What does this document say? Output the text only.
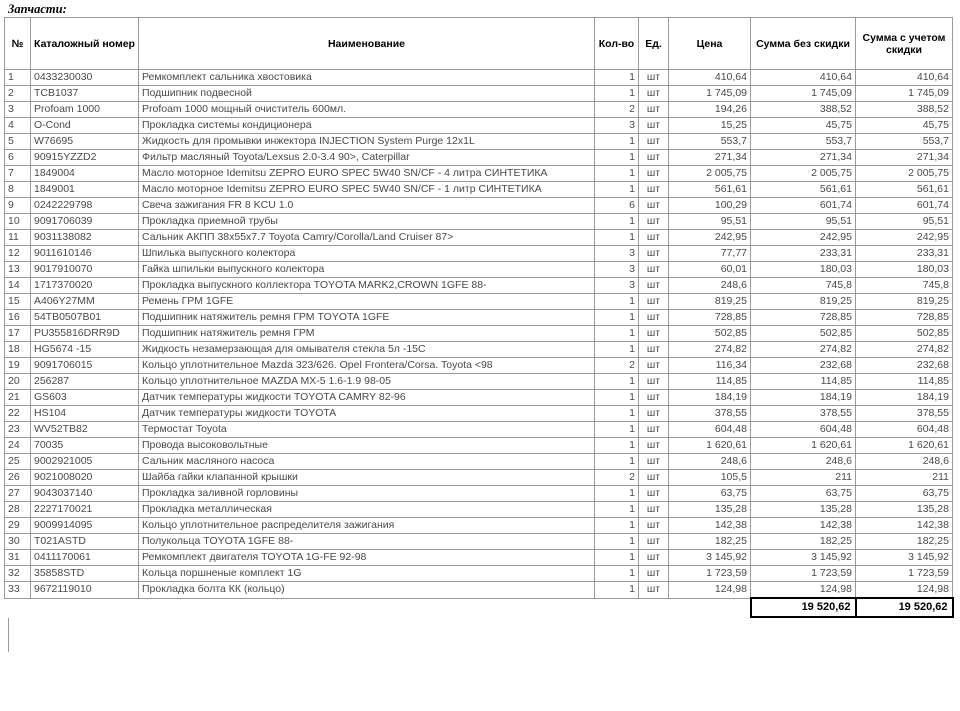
Запчасти:
№	Каталожный номер	Наименование	Кол-во	Ед.	Цена	Сумма без скидки	Сумма с учетом скидки
1	0433230030	Ремкомплект сальника хвостовика	1	шт	410,64	410,64	410,64
2	TCB1037	Подшипник подвесной	1	шт	1 745,09	1 745,09	1 745,09
3	Profoam 1000	Profoam 1000 мощный очиститель 600мл.	2	шт	194,26	388,52	388,52
4	O-Cond	Прокладка системы кондиционера	3	шт	15,25	45,75	45,75
5	W76695	Жидкость для промывки инжектора INJECTION System Purge 12x1L	1	шт	553,7	553,7	553,7
6	90915YZZD2	Фильтр масляный Toyota/Lexsus 2.0-3.4 90>, Caterpillar	1	шт	271,34	271,34	271,34
7	1849004	Масло моторное Idemitsu ZEPRO EURO SPEC 5W40 SN/CF - 4 литра СИНТЕТИКА	1	шт	2 005,75	2 005,75	2 005,75
8	1849001	Масло моторное Idemitsu ZEPRO EURO SPEC 5W40 SN/CF - 1 литр СИНТЕТИКА	1	шт	561,61	561,61	561,61
9	0242229798	Свеча зажигания FR 8 KCU 1.0	6	шт	100,29	601,74	601,74
10	9091706039	Прокладка приемной трубы	1	шт	95,51	95,51	95,51
11	9031138082	Сальник АКПП 38x55x7.7 Toyota Camry/Corolla/Land Cruiser 87>	1	шт	242,95	242,95	242,95
12	9011610146	Шпилька выпускного колектора	3	шт	77,77	233,31	233,31
13	9017910070	Гайка шпильки выпускного колектора	3	шт	60,01	180,03	180,03
14	1717370020	Прокладка выпускного коллектора TOYOTA MARK2,CROWN 1GFE 88-	3	шт	248,6	745,8	745,8
15	A406Y27MM	Ремень ГРМ 1GFE	1	шт	819,25	819,25	819,25
16	54TB0507B01	Подшипник натяжитель ремня ГРМ TOYOTA 1GFE	1	шт	728,85	728,85	728,85
17	PU355816DRR9D	Подшипник натяжитель ремня ГРМ	1	шт	502,85	502,85	502,85
18	HG5674 -15	Жидкость незамерзающая для омывателя стекла 5л -15С	1	шт	274,82	274,82	274,82
19	9091706015	Кольцо уплотнительное Mazda 323/626. Opel Frontera/Corsa. Toyota <98	2	шт	116,34	232,68	232,68
20	256287	Кольцо уплотнительное MAZDA MX-5 1.6-1.9 98-05	1	шт	114,85	114,85	114,85
21	GS603	Датчик температуры жидкости TOYOTA CAMRY 82-96	1	шт	184,19	184,19	184,19
22	HS104	Датчик температуры жидкости TOYOTA	1	шт	378,55	378,55	378,55
23	WV52TB82	Термостат Toyota	1	шт	604,48	604,48	604,48
24	70035	Провода высоковольтные	1	шт	1 620,61	1 620,61	1 620,61
25	9002921005	Сальник масляного насоса	1	шт	248,6	248,6	248,6
26	9021008020	Шайба гайки клапанной крышки	2	шт	105,5	211	211
27	9043037140	Прокладка заливной горловины	1	шт	63,75	63,75	63,75
28	2227170021	Прокладка металлическая	1	шт	135,28	135,28	135,28
29	9009914095	Кольцо уплотнительное распределителя зажигания	1	шт	142,38	142,38	142,38
30	T021ASTD	Полукольца TOYOTA 1GFE 88-	1	шт	182,25	182,25	182,25
31	0411170061	Ремкомплект двигателя TOYOTA 1G-FE 92-98	1	шт	3 145,92	3 145,92	3 145,92
32	35858STD	Кольца поршненые комплект 1G	1	шт	1 723,59	1 723,59	1 723,59
33	9672119010	Прокладка болта КК (кольцо)	1	шт	124,98	124,98	124,98
						19 520,62	19 520,62
